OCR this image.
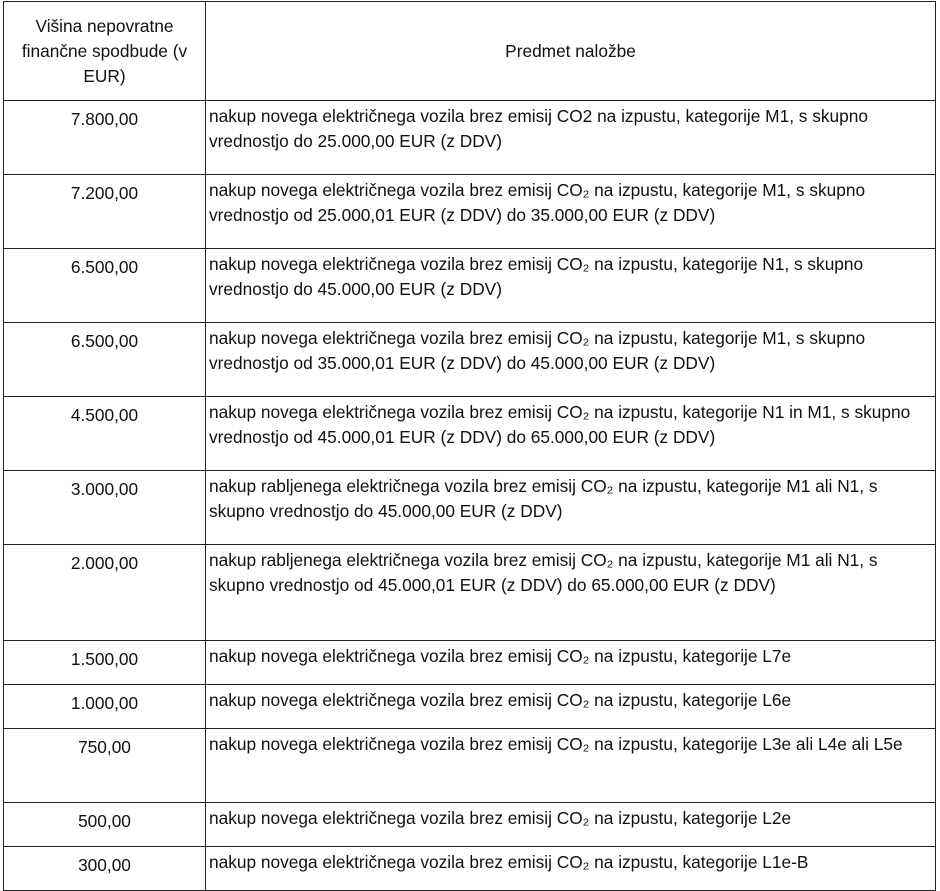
Višina nepovratne finančne spodbude (v EUR)	Predmet naložbe
7.800,00	nakup novega električnega vozila brez emisij CO2 na izpustu, kategorije M1, s skupno vrednostjo do 25.000,00 EUR (z DDV)
7.200,00	nakup novega električnega vozila brez emisij CO₂ na izpustu, kategorije M1, s skupno vrednostjo od 25.000,01 EUR (z DDV) do 35.000,00 EUR (z DDV)
6.500,00	nakup novega električnega vozila brez emisij CO₂ na izpustu, kategorije N1, s skupno vrednostjo do 45.000,00 EUR (z DDV)
6.500,00	nakup novega električnega vozila brez emisij CO₂ na izpustu, kategorije M1, s skupno vrednostjo od 35.000,01 EUR (z DDV) do 45.000,00 EUR (z DDV)
4.500,00	nakup novega električnega vozila brez emisij CO₂ na izpustu, kategorije N1 in M1, s skupno vrednostjo od 45.000,01 EUR (z DDV) do 65.000,00 EUR (z DDV)
3.000,00	nakup rabljenega električnega vozila brez emisij CO₂ na izpustu, kategorije M1 ali N1, s skupno vrednostjo do 45.000,00 EUR (z DDV)
2.000,00	nakup rabljenega električnega vozila brez emisij CO₂ na izpustu, kategorije M1 ali N1, s skupno vrednostjo od 45.000,01 EUR (z DDV) do 65.000,00 EUR (z DDV)
1.500,00	nakup novega električnega vozila brez emisij CO₂ na izpustu, kategorije L7e
1.000,00	nakup novega električnega vozila brez emisij CO₂ na izpustu, kategorije L6e
750,00	nakup novega električnega vozila brez emisij CO₂ na izpustu, kategorije L3e ali L4e ali L5e
500,00	nakup novega električnega vozila brez emisij CO₂ na izpustu, kategorije L2e
300,00	nakup novega električnega vozila brez emisij CO₂ na izpustu, kategorije L1e-B
